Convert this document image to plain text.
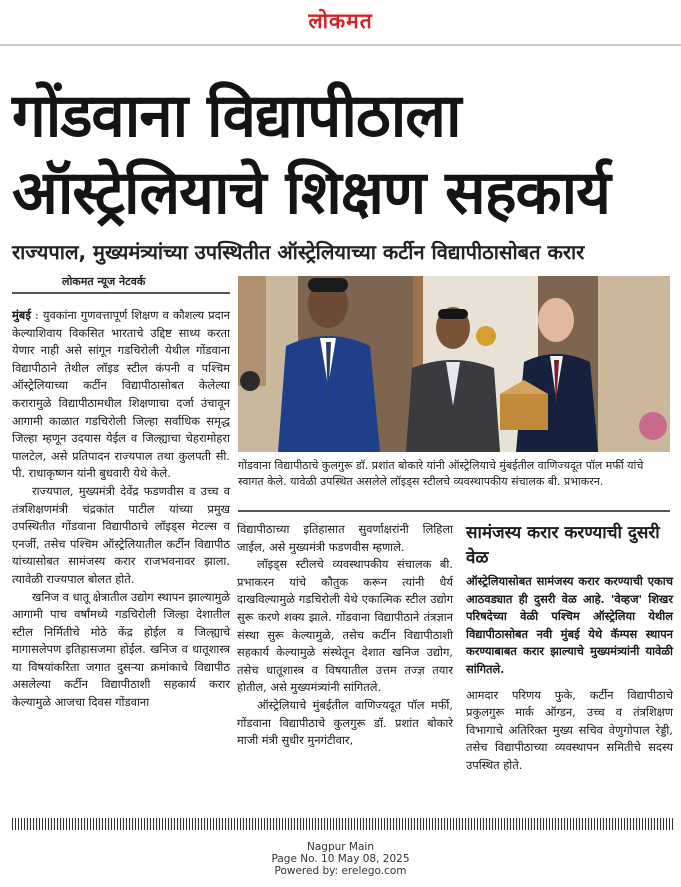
लोकमत
गोंडवाना विद्यापीठाला
ऑस्ट्रेलियाचे शिक्षण सहकार्य
राज्यपाल, मुख्यमंत्र्यांच्या उपस्थितीत ऑस्ट्रेलियाच्या कर्टीन विद्यापीठासोबत करार
लोकमत न्यूज नेटवर्क

मुंबई : युवकांना गुणवत्तापूर्ण शिक्षण व कौशल्य प्रदान केल्याशिवाय विकसित भारताचे उद्दिष्ट साध्य करता येणार नाही असे सांगून गडचिरोली येथील गोंडवाना विद्यापीठाने तेथील लॉइड स्टील कंपनी व पश्चिम ऑस्ट्रेलियाच्या कर्टीन विद्यापीठासोबत केलेल्या करारामुळे विद्यापीठामधील शिक्षणाचा दर्जा उंचावून आगामी काळात गडचिरोली जिल्हा सर्वाधिक समृद्ध जिल्हा म्हणून उदयास येईल व जिल्ह्याचा चेहरामोहरा पालटेल, असे प्रतिपादन राज्यपाल तथा कुलपती सी. पी. राधाकृष्णन यांनी बुधवारी येथे केले.

राज्यपाल, मुख्यमंत्री देवेंद्र फडणवीस व उच्च व तंत्रशिक्षणमंत्री चंद्रकांत पाटील यांच्या प्रमुख उपस्थितीत गोंडवाना विद्यापीठाचे लॉइड्स मेटल्स व एनर्जी, तसेच पश्चिम ऑस्ट्रेलियातील कर्टीन विद्यापीठ यांच्यासोबत सामंजस्य करार राजभवनावर झाला. त्यावेळी राज्यपाल बोलत होते.

खनिज व धातू क्षेत्रातील उद्योग स्थापन झाल्यामुळे आगामी पाच वर्षांमध्ये गडचिरोली जिल्हा देशातील स्टील निर्मितीचे मोठे केंद्र होईल व जिल्ह्याचे मागासलेपण इतिहासजमा होईल. खनिज व धातूशास्त्र या विषयांकरिता जगात दुसऱ्या क्रमांकाचे विद्यापीठ असलेल्या कर्टीन विद्यापीठाशी सहकार्य करार केल्यामुळे आजचा दिवस गोंडवाना

गोंडवाना विद्यापीठाचे कुलगुरू डॉ. प्रशांत बोकारे यांनी ऑस्ट्रेलियाचे मुंबईतील वाणिज्यदूत पॉल मर्फी यांचे स्वागत केले. यावेळी उपस्थित असलेले लॉइड्स स्टीलचे व्यवस्थापकीय संचालक बी. प्रभाकरन.

विद्यापीठाच्या इतिहासात सुवर्णाक्षरांनी लिहिला जाईल, असे मुख्यमंत्री फडणवीस म्हणाले.

लॉइड्स स्टीलचे व्यवस्थापकीय संचालक बी. प्रभाकरन यांचे कौतुक करून त्यांनी धैर्य दाखविल्यामुळे गडचिरोली येथे एकात्मिक स्टील उद्योग सुरू करणे शक्य झाले. गोंडवाना विद्यापीठाने तंत्रज्ञान संस्था सुरू केल्यामुळे, तसेच कर्टीन विद्यापीठाशी सहकार्य केल्यामुळे संस्थेतून देशात खनिज उद्योग, तसेच धातूशास्त्र व विषयातील उत्तम तज्ज्ञ तयार होतील, असे मुख्यमंत्र्यांनी सांगितले.

ऑस्ट्रेलियाचे मुंबईतील वाणिज्यदूत पॉल मर्फी, गोंडवाना विद्यापीठाचे कुलगुरू डॉ. प्रशांत बोकारे माजी मंत्री सुधीर मुनगंटीवार,

सामंजस्य करार करण्याची दुसरी वेळ

ऑस्ट्रेलियासोबत सामंजस्य करार करण्याची एकाच आठवड्यात ही दुसरी वेळ आहे. 'वेव्हज' शिखर परिषदेच्या वेळी पश्चिम ऑस्ट्रेलिया येथील विद्यापीठासोबत नवी मुंबई येथे कॅम्पस स्थापन करण्याबाबत करार झाल्याचे मुख्यमंत्र्यांनी यावेळी सांगितले.

आमदार परिणय फुके, कर्टीन विद्यापीठाचे प्रकुलगुरू मार्क ऑग्डन, उच्च व तंत्रशिक्षण विभागाचे अतिरिक्त मुख्य सचिव वेणुगोपाल रेड्डी, तसेच विद्यापीठाच्या व्यवस्थापन समितीचे सदस्य उपस्थित होते.

Nagpur Main
Page No. 10 May 08, 2025
Powered by: erelego.com
